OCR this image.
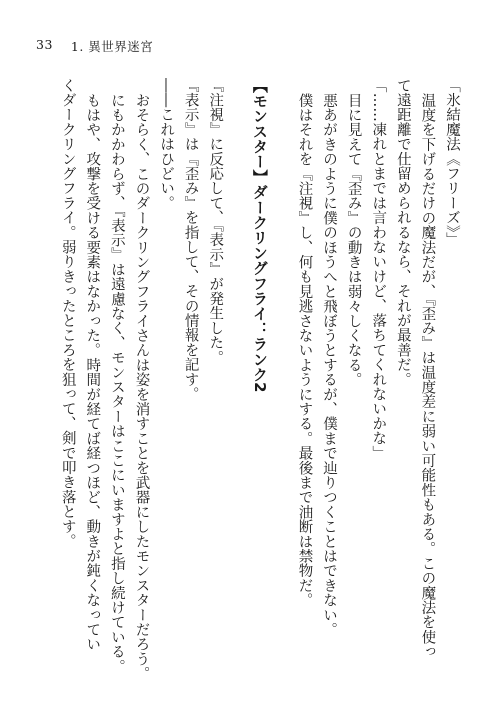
33 1. 異世界迷宮
「氷結魔法《フリーズ》」
温度を下げるだけの魔法だが、『歪み』は温度差に弱い可能性もある。この魔法を使っ
て遠距離で仕留められるなら、それが最善だ。
「……凍れとまでは言わないけど、落ちてくれないかな」
目に見えて『歪み』の動きは弱々しくなる。
悪あがきのように僕のほうへと飛ぼうとするが、僕まで辿りつくことはできない。
僕はそれを『注視』し、何も見逃さないようにする。最後まで油断は禁物だ。
【モンスター】ダークリングフライ：ランク2
『注視』に反応して、『表示』が発生した。
『表示』は『歪み』を指して、その情報を記す。
――これはひどい。
おそらく、このダークリングフライさんは姿を消すことを武器にしたモンスターだろう。
にもかかわらず、『表示』は遠慮なく、モンスターはここにいますよと指し続けている。
もはや、攻撃を受ける要素はなかった。時間が経てば経つほど、動きが鈍くなってい
くダークリングフライ。弱りきったところを狙って、剣で叩き落とす。
